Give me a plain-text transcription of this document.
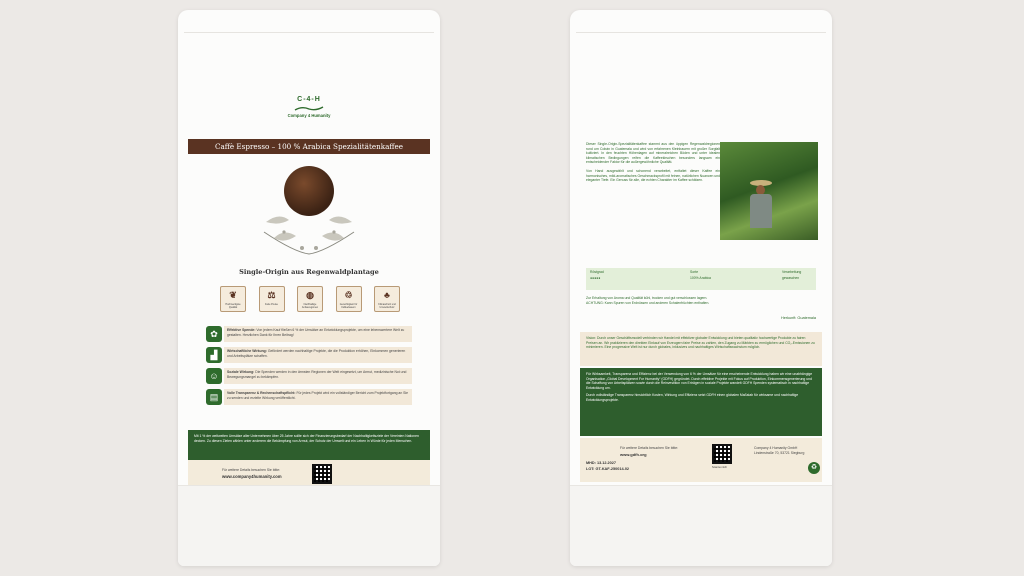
C-4-H
Company 4 Humanity
Caffè Espresso – 100 % Arabica Spezialitätenkaffee
Single-Origin aus Regenwaldplantage
❦
Hochwertigste Qualität
⚖
Faire Preise
◍
Nachhaltige Anbauregionen
♲
Gerechtigkeit für Kaffeebauern
♣
Klimaschutz und Umweltschutz
✿	Effektive Spende: Von jedem Kauf fließen 6 % der Umsätze an Entwicklungsprojekte, um eine lebenswertere Welt zu gestalten. Herzlichen Dank für Ihren Beitrag!
▟	Wirtschaftliche Wirkung: Gefördert werden nachhaltige Projekte, die die Produktion erhöhen, Einkommen generieren und Arbeitsplätze schaffen.
☺	Soziale Wirkung: Die Spenden werden in den ärmsten Regionen der Welt eingesetzt, um Armut, medizinische Not und Bewegungsmangel zu bekämpfen.
▤	Volle Transparenz & Rechenschaftspflicht: Für jedes Projekt wird ein vollständiger Bericht zum Projektfortgang an Sie zu senden und erzielte Wirkung veröffentlicht.
Mit 1 % der weltweiten Umsätze aller Unternehmen über 25 Jahre sollte sich der Finanzierungsbedarf der Nachhaltigkeitsziele der Vereinten Nationen decken. Zu diesen Zielen zählen unter anderem die Bekämpfung von Armut, der Schutz der Umwelt und ein Leben in Würde für jeden Menschen.
Für weitere Details besuchen Sie bitte:
www.company4humanity.com

Dieser Single-Origin-Spezialitätenkaffee stammt aus den üppigen Regenwaldregionen rund um Cobán in Guatemala und wird von erfahrenen Kleinbauern mit großer Sorgfalt kultiviert. In den feuchten Höhenlagen auf mineralreichen Böden und unter idealen klimatischen Bedingungen reifen die Kaffeekirschen besonders langsam ein entscheidender Faktor für die außergewöhnliche Qualität.

Von Hand ausgewählt und schonend verarbeitet, entfaltet dieser Kaffee ein harmonisches, mild-aromatisches Geschmacksprofil mit feinen, natürlichen Nuancen und eleganter Tiefe. Ein Genuss für alle, die echten Charakter im Kaffee schätzen.

Röstgrad	Sorte	Verarbeitung
●●●●●	100% Arabica	gewaschen
Zur Erhaltung von Aroma und Qualität kühl, trocken und gut verschlossen lagern.
ACHTUNG: Kann Spuren von Erdnüssen und anderen Schalenfrüchten enthalten.
Herkunft: Guatemala
Vision: Durch unser Geschäftsmodell verbinden wir Handel mit effektiver globaler Entwicklung und bieten qualitativ hochwertige Produkte zu fairen Preisen an. Wir praktizieren den direkten Einkauf von Erzeugern faire Preise zu zahlen, den Zugang zu Märkten zu ermöglichen und CO₂-Emissionen zu minimieren. Eine progressive Welt ist nur durch globales, inklusives und nachhaltiges Wirtschaftswachstum möglich.
Für Wirksamkeit, Transparenz und Effizienz bei der Verwendung von 6 % der Umsätze für eine erscheinende Entwicklung haben wir eine unabhängige Organisation „Global Development For Humanity“ (GDFH) gegründet. Durch effektive Projekte mit Fokus auf Produktion, Einkommensgenerierung und die Schaffung von Arbeitsplätzen sowie durch die Reinvestition von Erträgen in soziale Projekte wandelt GDFH Spenden systematisch in nachhaltige Entwicklung um.
Durch vollständige Transparenz hinsichtlich Kosten, Wirkung und Effizienz setzt GDFH einen globalen Maßstab für wirksame und nachhaltige Entwicklungsprojekte.
Für weitere Details besuchen Sie bitte:
www.gdfh.org
MHD: 13.12.2027
LOT: GT-KAF-250014-02	Scanne mich
Company 4 Humanity GmbH
Lindenstraße 70, 53721 Siegburg
♻
